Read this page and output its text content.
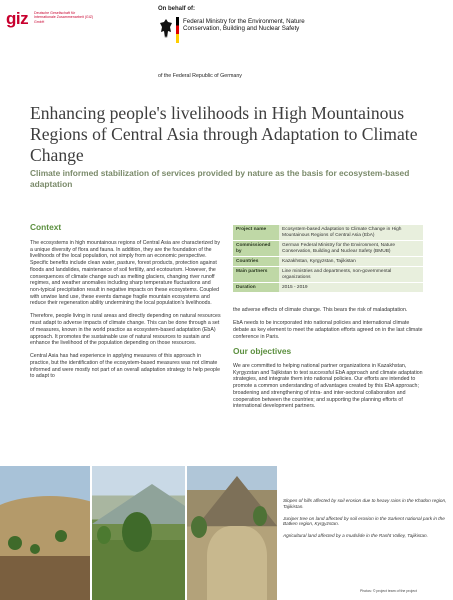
giz Deutsche Gesellschaft für Internationale Zusammenarbeit (GIZ) GmbH
On behalf of:
Federal Ministry for the Environment, Nature Conservation, Building and Nuclear Safety
of the Federal Republic of Germany
Enhancing people's livelihoods in High Mountainous Regions of Central Asia through Adaptation to Climate Change
Climate informed stabilization of services provided by nature as the basis for ecosystem-based adaptation
Context

The ecosystems in high mountainous regions of Central Asia are characterized by a unique diversity of flora and fauna. In addition, they are the foundation of the livelihoods of the local population, not simply from an economic perspective. Specific benefits include clean water, pasture, forest products, protection against floods and landslides, maintenance of soil fertility, and ecotourism. However, the consequences of climate change such as melting glaciers, changing river runoff regimes, and weather anomalies including sharp temperature fluctuations and non-typical precipitation result in negative impacts on these ecosystems. Coupled with unwise land use, these events damage fragile mountain ecosystems and reduce their regeneration ability undermining the local population's livelihoods.

Therefore, people living in rural areas and directly depending on natural resources must adapt to adverse impacts of climate change. This can be done through a set of measures, known in the world practice as ecosystem-based adaptation (EbA) approach. It promotes the sustainable use of natural resources to sustain and enhance the livelihood of the population depending on those resources.

Central Asia has had experience in applying measures of this approach in practice, but the identification of the ecosystem-based measures was not climate informed and were mostly not part of an overall adaptation strategy to help people to adapt to

Project name	Ecosystem-based Adaptation to Climate Change in High Mountainous Regions of Central Asia (EbA)
Commissioned by	German Federal Ministry for the Environment, Nature Conservation, Building and Nuclear Safety (BMUB)
Countries	Kazakhstan, Kyrgyzstan, Tajikistan
Main partners	Line ministries and departments, non-governmental organizations
Duration	2015 - 2019

the adverse effects of climate change. This bears the risk of maladaptation.

EbA needs to be incorporated into national policies and international climate debate as key element to meet the adaptation efforts agreed on in the last climate conference in Paris.

Our objectives

We are committed to helping national partner organizations in Kazakhstan, Kyrgyzstan and Tajikistan to test successful EbA approach and climate adaptation strategies, and integrate them into national policies. Our efforts are intended to promote a common understanding of advantages created by this EbA approach; broadening and strengthening of intra- and inter-sectoral collaboration and cooperation between the countries; and supporting the planning efforts of international development partners.

Slopes of hills affected by soil erosion due to heavy rains in the Khatlon region, Tajikistan.

Juniper tree on land affected by soil erosion in the Sarkent national park in the Batken region, Kyrgyzstan.

Agricultural land affected by a mudslide in the Rasht Valley, Tajikistan.

Photos: © project team of the project
